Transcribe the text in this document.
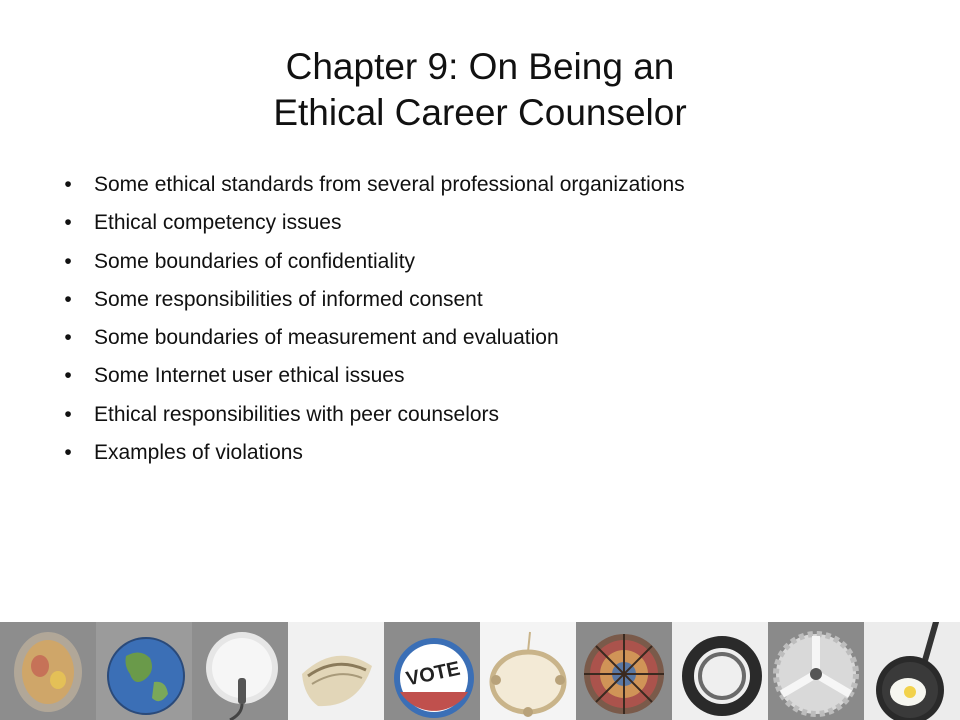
Chapter 9: On Being an
Ethical Career Counselor
•	Some ethical standards from several professional organizations
•	Ethical competency issues
•	Some boundaries of confidentiality
•	Some responsibilities of informed consent
•	Some boundaries of measurement and evaluation
•	Some Internet user ethical issues
•	Ethical responsibilities with peer counselors
•	Examples of violations
VOTE
